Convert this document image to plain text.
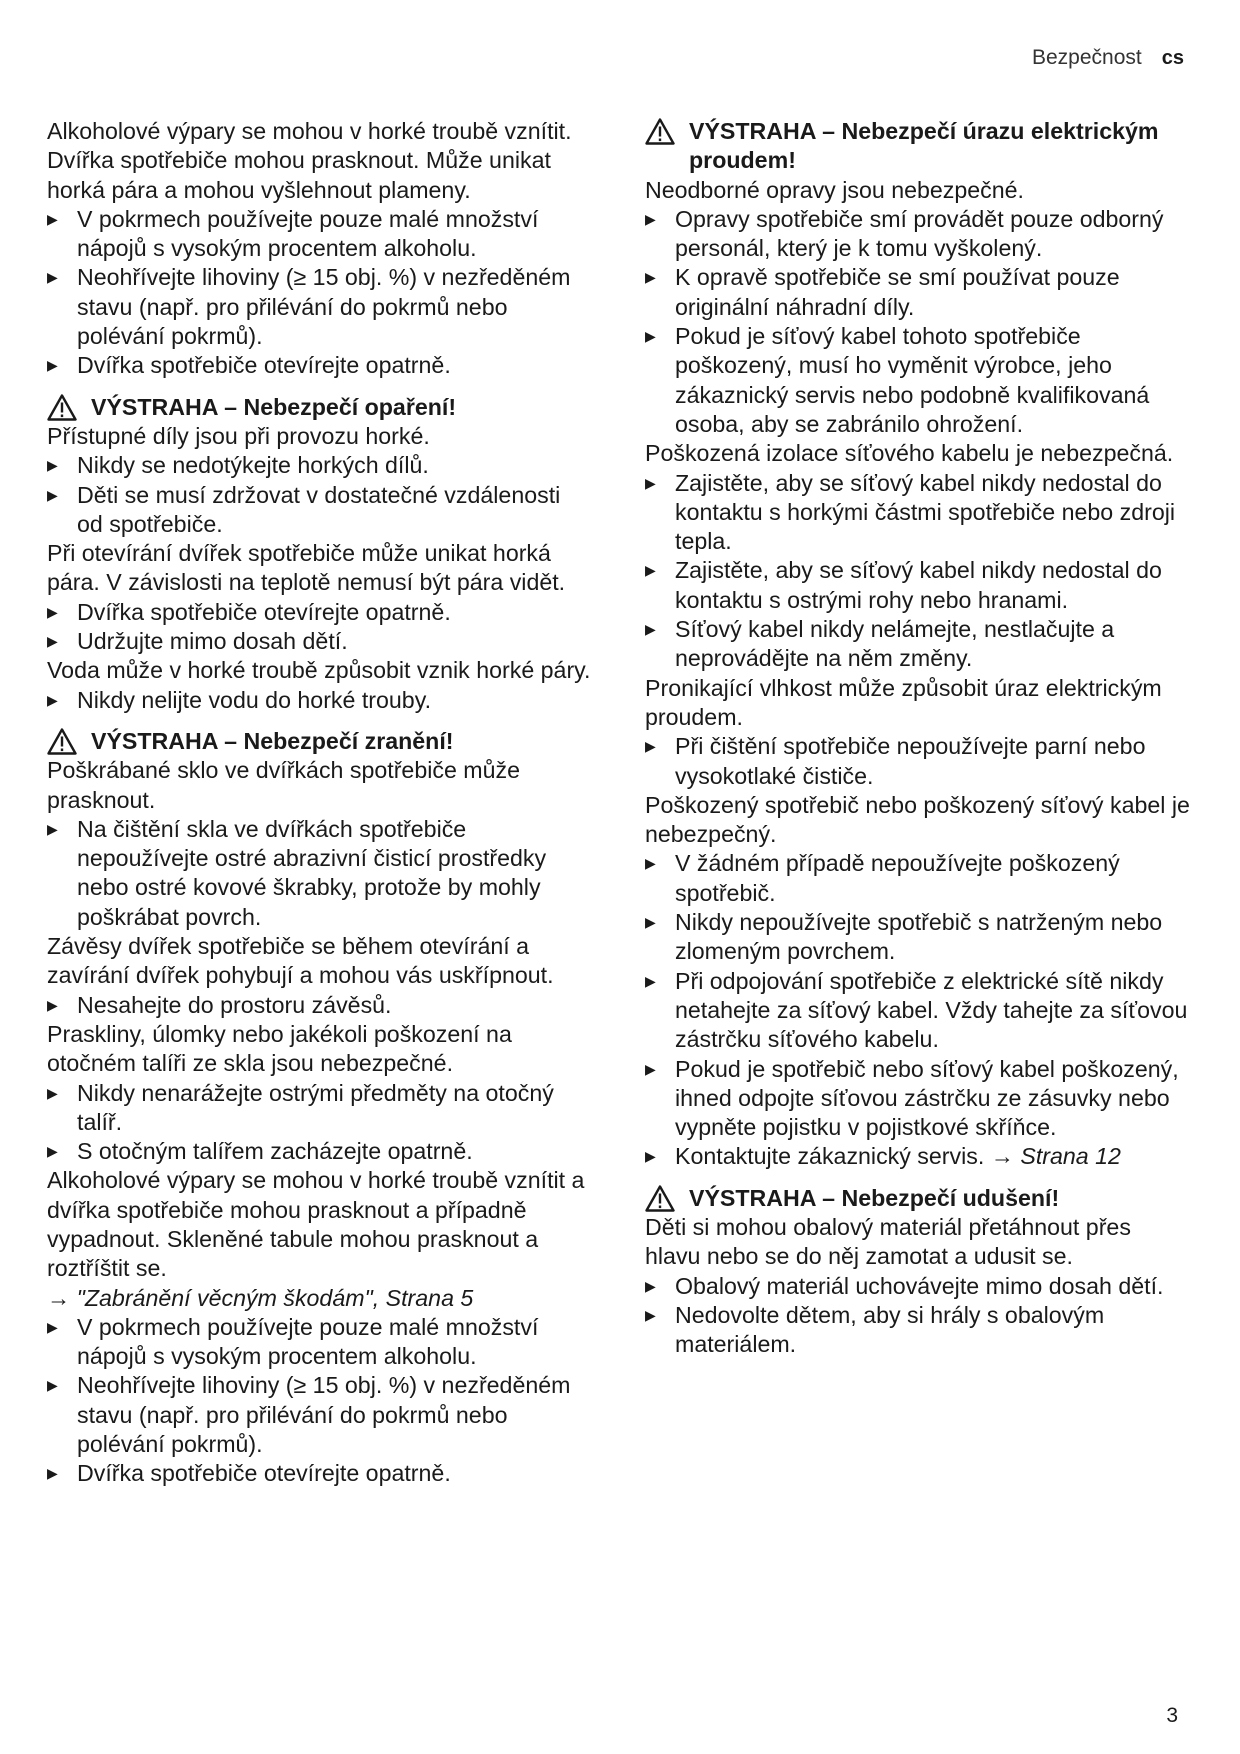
Bezpečnost cs

Alkoholové výpary se mohou v horké troubě vznítit. Dvířka spotřebiče mohou prasknout. Může unikat horká pára a mohou vyšlehnout plameny.

▶ V pokrmech používejte pouze malé množství nápojů s vysokým procentem alkoholu.
▶ Neohřívejte lihoviny (≥ 15 obj. %) v nezředěném stavu (např. pro přilévání do pokrmů nebo polévání pokrmů).
▶ Dvířka spotřebiče otevírejte opatrně.

VÝSTRAHA – Nebezpečí opaření!

Přístupné díly jsou při provozu horké.

▶ Nikdy se nedotýkejte horkých dílů.
▶ Děti se musí zdržovat v dostatečné vzdálenosti od spotřebiče.

Při otevírání dvířek spotřebiče může unikat horká pára. V závislosti na teplotě nemusí být pára vidět.

▶ Dvířka spotřebiče otevírejte opatrně.
▶ Udržujte mimo dosah dětí.

Voda může v horké troubě způsobit vznik horké páry.

▶ Nikdy nelijte vodu do horké trouby.

VÝSTRAHA – Nebezpečí zranění!

Poškrábané sklo ve dvířkách spotřebiče může prasknout.

▶ Na čištění skla ve dvířkách spotřebiče nepoužívejte ostré abrazivní čisticí prostředky nebo ostré kovové škrabky, protože by mohly poškrábat povrch.

Závěsy dvířek spotřebiče se během otevírání a zavírání dvířek pohybují a mohou vás uskřípnout.

▶ Nesahejte do prostoru závěsů.

Praskliny, úlomky nebo jakékoli poškození na otočném talíři ze skla jsou nebezpečné.

▶ Nikdy nenarážejte ostrými předměty na otočný talíř.
▶ S otočným talířem zacházejte opatrně.

Alkoholové výpary se mohou v horké troubě vznítit a dvířka spotřebiče mohou prasknout a případně vypadnout. Skleněné tabule mohou prasknout a roztříštit se.

→ "Zabránění věcným škodám", Strana 5

▶ V pokrmech používejte pouze malé množství nápojů s vysokým procentem alkoholu.
▶ Neohřívejte lihoviny (≥ 15 obj. %) v nezředěném stavu (např. pro přilévání do pokrmů nebo polévání pokrmů).
▶ Dvířka spotřebiče otevírejte opatrně.

VÝSTRAHA – Nebezpečí úrazu elektrickým proudem!

Neodborné opravy jsou nebezpečné.

▶ Opravy spotřebiče smí provádět pouze odborný personál, který je k tomu vyškolený.
▶ K opravě spotřebiče se smí používat pouze originální náhradní díly.
▶ Pokud je síťový kabel tohoto spotřebiče poškozený, musí ho vyměnit výrobce, jeho zákaznický servis nebo podobně kvalifikovaná osoba, aby se zabránilo ohrožení.

Poškozená izolace síťového kabelu je nebezpečná.

▶ Zajistěte, aby se síťový kabel nikdy nedostal do kontaktu s horkými částmi spotřebiče nebo zdroji tepla.
▶ Zajistěte, aby se síťový kabel nikdy nedostal do kontaktu s ostrými rohy nebo hranami.
▶ Síťový kabel nikdy nelámejte, nestlačujte a neprovádějte na něm změny.

Pronikající vlhkost může způsobit úraz elektrickým proudem.

▶ Při čištění spotřebiče nepoužívejte parní nebo vysokotlaké čističe.

Poškozený spotřebič nebo poškozený síťový kabel je nebezpečný.

▶ V žádném případě nepoužívejte poškozený spotřebič.
▶ Nikdy nepoužívejte spotřebič s natrženým nebo zlomeným povrchem.
▶ Při odpojování spotřebiče z elektrické sítě nikdy netahejte za síťový kabel. Vždy tahejte za síťovou zástrčku síťového kabelu.
▶ Pokud je spotřebič nebo síťový kabel poškozený, ihned odpojte síťovou zástrčku ze zásuvky nebo vypněte pojistku v pojistkové skříňce.
▶ Kontaktujte zákaznický servis. → Strana 12

VÝSTRAHA – Nebezpečí udušení!

Děti si mohou obalový materiál přetáhnout přes hlavu nebo se do něj zamotat a udusit se.

▶ Obalový materiál uchovávejte mimo dosah dětí.
▶ Nedovolte dětem, aby si hrály s obalovým materiálem.
3
